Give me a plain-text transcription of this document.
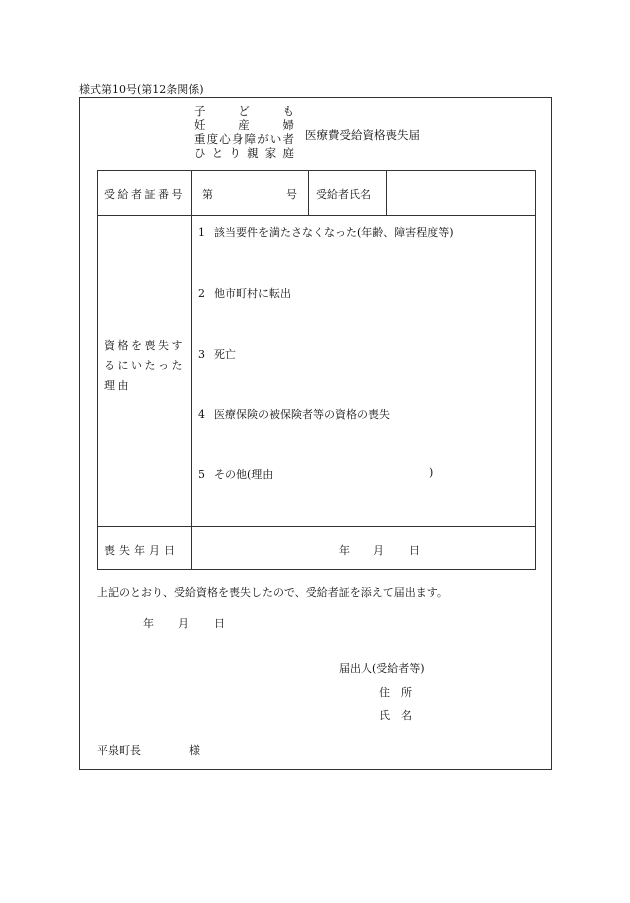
様式第10号(第12条関係)
子	ど	も
妊	産	婦
重 度 心 身 障 が い 者
ひ と り 親 家 庭
医療費受給資格喪失届
受給者証番号 第	号 受給者氏名
資格を喪失す
るにいたった
理由
1 該当要件を満たさなくなった(年齢、障害程度等)
2 他市町村に転出
3 死亡
4 医療保険の被保険者等の資格の喪失
5 その他(理由	)
喪失年月日	年 月 日
上記のとおり、受給資格を喪失したので、受給者証を添えて届出ます。
年 月 日
届出人(受給者等)
住　所
氏　名
平泉町長	様
